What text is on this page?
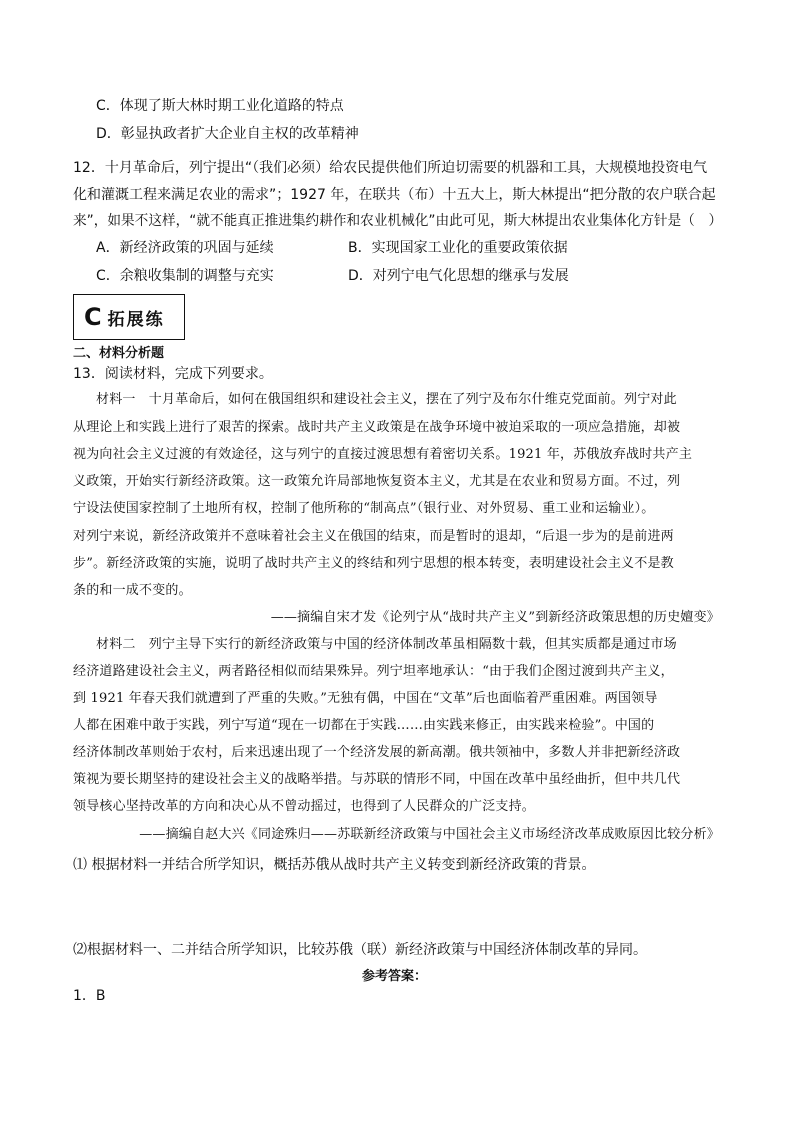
C．体现了斯大林时期工业化道路的特点
D．彰显执政者扩大企业自主权的改革精神
12．十月革命后，列宁提出“（我们必须）给农民提供他们所迫切需要的机器和工具，大规模地投资电气
化和灌溉工程来满足农业的需求”；1927 年，在联共（布）十五大上，斯大林提出“把分散的农户联合起
来”，如果不这样，“就不能真正推进集约耕作和农业机械化”由此可见，斯大林提出农业集体化方针是（　）
A．新经济政策的巩固与延续	B．实现国家工业化的重要政策依据
C．余粮收集制的调整与充实	D．对列宁电气化思想的继承与发展
C 拓展练
二、材料分析题
13．阅读材料，完成下列要求。
材料一　十月革命后，如何在俄国组织和建设社会主义，摆在了列宁及布尔什维克党面前。列宁对此
从理论上和实践上进行了艰苦的探索。战时共产主义政策是在战争环境中被迫采取的一项应急措施，却被
视为向社会主义过渡的有效途径，这与列宁的直接过渡思想有着密切关系。1921 年，苏俄放弃战时共产主
义政策，开始实行新经济政策。这一政策允许局部地恢复资本主义，尤其是在农业和贸易方面。不过，列
宁设法使国家控制了土地所有权，控制了他所称的“制高点”（银行业、对外贸易、重工业和运输业）。
对列宁来说，新经济政策并不意味着社会主义在俄国的结束，而是暂时的退却，“后退一步为的是前进两
步”。新经济政策的实施，说明了战时共产主义的终结和列宁思想的根本转变，表明建设社会主义不是教
条的和一成不变的。
——摘编自宋才发《论列宁从“战时共产主义”到新经济政策思想的历史嬗变》
材料二　列宁主导下实行的新经济政策与中国的经济体制改革虽相隔数十载，但其实质都是通过市场
经济道路建设社会主义，两者路径相似而结果殊异。列宁坦率地承认：“由于我们企图过渡到共产主义，
到 1921 年春天我们就遭到了严重的失败。”无独有偶，中国在“文革”后也面临着严重困难。两国领导
人都在困难中敢于实践，列宁写道“现在一切都在于实践……由实践来修正，由实践来检验”。中国的
经济体制改革则始于农村，后来迅速出现了一个经济发展的新高潮。俄共领袖中，多数人并非把新经济政
策视为要长期坚持的建设社会主义的战略举措。与苏联的情形不同，中国在改革中虽经曲折，但中共几代
领导核心坚持改革的方向和决心从不曾动摇过，也得到了人民群众的广泛支持。
——摘编自赵大兴《同途殊归——苏联新经济政策与中国社会主义市场经济改革成败原因比较分析》
⑴ 根据材料一并结合所学知识，概括苏俄从战时共产主义转变到新经济政策的背景。
⑵根据材料一、二并结合所学知识，比较苏俄（联）新经济政策与中国经济体制改革的异同。
参考答案：
1．B
